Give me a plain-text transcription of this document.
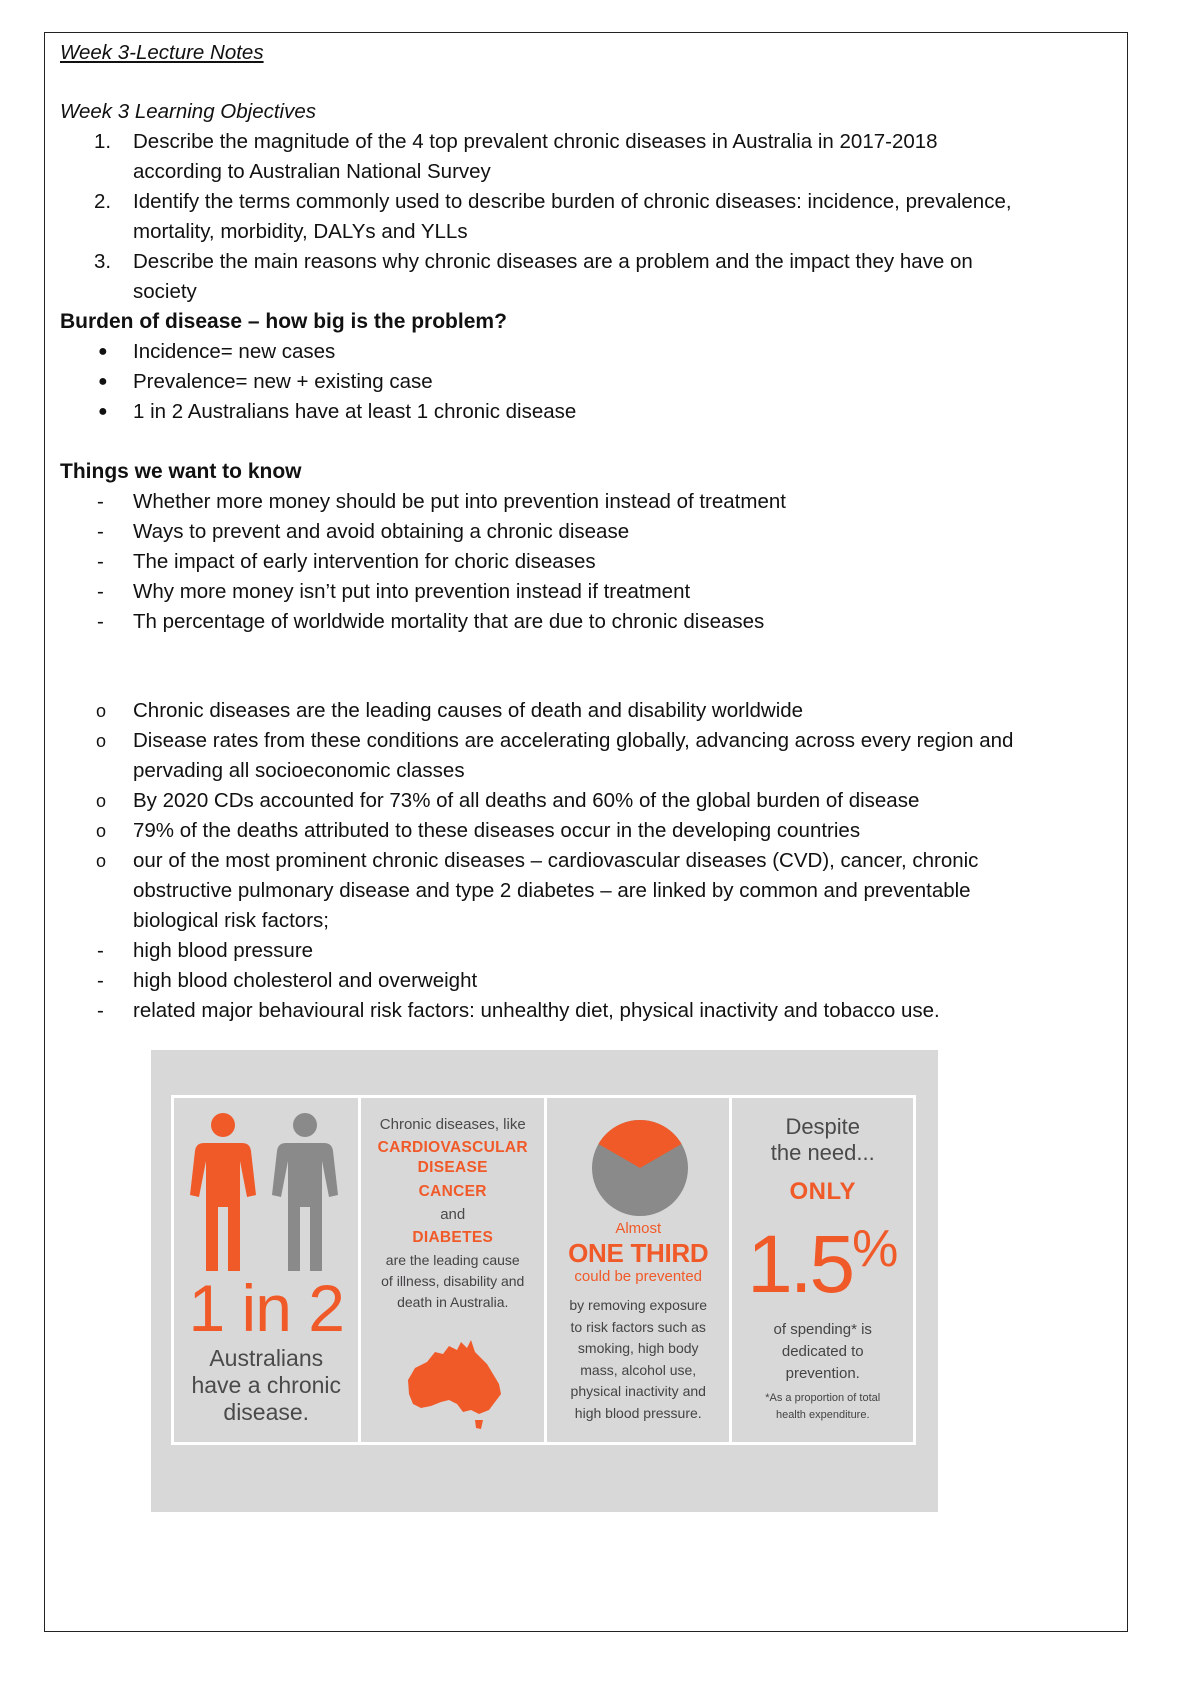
Week 3-Lecture Notes

Week 3 Learning Objectives

1.	Describe the magnitude of the 4 top prevalent chronic diseases in Australia in 2017-2018
according to Australian National Survey
2.	Identify the terms commonly used to describe burden of chronic diseases: incidence, prevalence,
mortality, morbidity, DALYs and YLLs
3.	Describe the main reasons why chronic diseases are a problem and the impact they have on
society

Burden of disease – how big is the problem?

●	Incidence= new cases
●	Prevalence= new + existing case
●	1 in 2 Australians have at least 1 chronic disease

Things we want to know

-	Whether more money should be put into prevention instead of treatment
-	Ways to prevent and avoid obtaining a chronic disease
-	The impact of early intervention for choric diseases
-	Why more money isn’t put into prevention instead if treatment
-	Th percentage of worldwide mortality that are due to chronic diseases
o	Chronic diseases are the leading causes of death and disability worldwide
o	Disease rates from these conditions are accelerating globally, advancing across every region and
pervading all socioeconomic classes
o	By 2020 CDs accounted for 73% of all deaths and 60% of the global burden of disease
o	79% of the deaths attributed to these diseases occur in the developing countries
o	our of the most prominent chronic diseases – cardiovascular diseases (CVD), cancer, chronic
obstructive pulmonary disease and type 2 diabetes – are linked by common and preventable
biological risk factors;
-	high blood pressure
-	high blood cholesterol and overweight
-	related major behavioural risk factors: unhealthy diet, physical inactivity and tobacco use.
1 in 2
Australians
have a chronic
disease.
Chronic diseases, like
CARDIOVASCULAR
DISEASE
CANCER
and
DIABETES
are the leading cause
of illness, disability and
death in Australia.
Almost
ONE THIRD
could be prevented
by removing exposure
to risk factors such as
smoking, high body
mass, alcohol use,
physical inactivity and
high blood pressure.
Despite
the need...
ONLY
1.5%
of spending* is
dedicated to
prevention.
*As a proportion of total
health expenditure.
